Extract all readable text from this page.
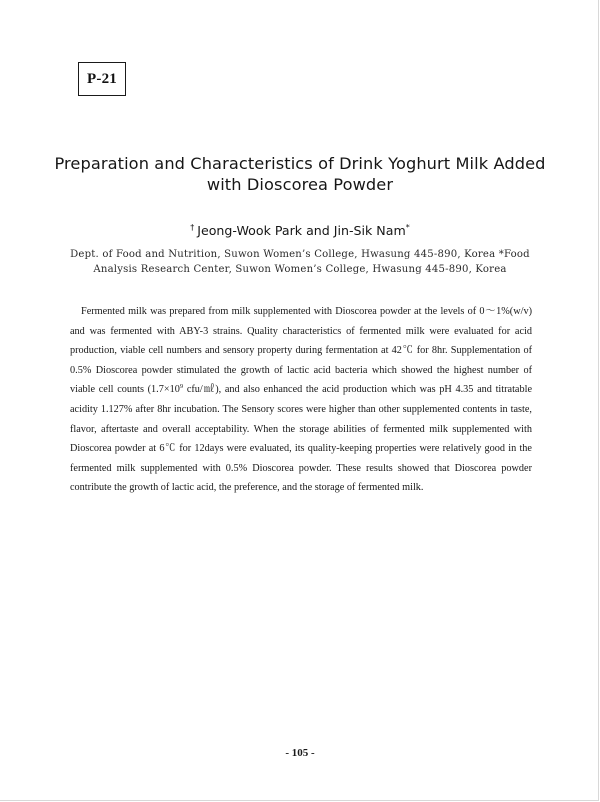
P-21
Preparation and Characteristics of Drink Yoghurt Milk Added
with Dioscorea Powder
† Jeong-Wook Park and Jin-Sik Nam*
Dept. of Food and Nutrition, Suwon Women’s College, Hwasung 445-890, Korea *Food
Analysis Research Center, Suwon Women’s College, Hwasung 445-890, Korea

Fermented milk was prepared from milk supplemented with Dioscorea powder at the levels of 0～1%(w/v) and was fermented with ABY-3 strains. Quality characteristics of fermented milk were evaluated for acid production, viable cell numbers and sensory property during fermentation at 42℃ for 8hr. Supplementation of 0.5% Dioscorea powder stimulated the growth of lactic acid bacteria which showed the highest number of viable cell counts ($1.7\times 10^9$ cfu/㎖), and also enhanced the acid production which was pH 4.35 and titratable acidity 1.127% after 8hr incubation. The Sensory scores were higher than other supplemented contents in taste, flavor, aftertaste and overall acceptability. When the storage abilities of fermented milk supplemented with Dioscorea powder at 6℃ for 12days were evaluated, its quality-keeping properties were relatively good in the fermented milk supplemented with 0.5% Dioscorea powder. These results showed that Dioscorea powder contribute the growth of lactic acid, the preference, and the storage of fermented milk.

- 105 -
